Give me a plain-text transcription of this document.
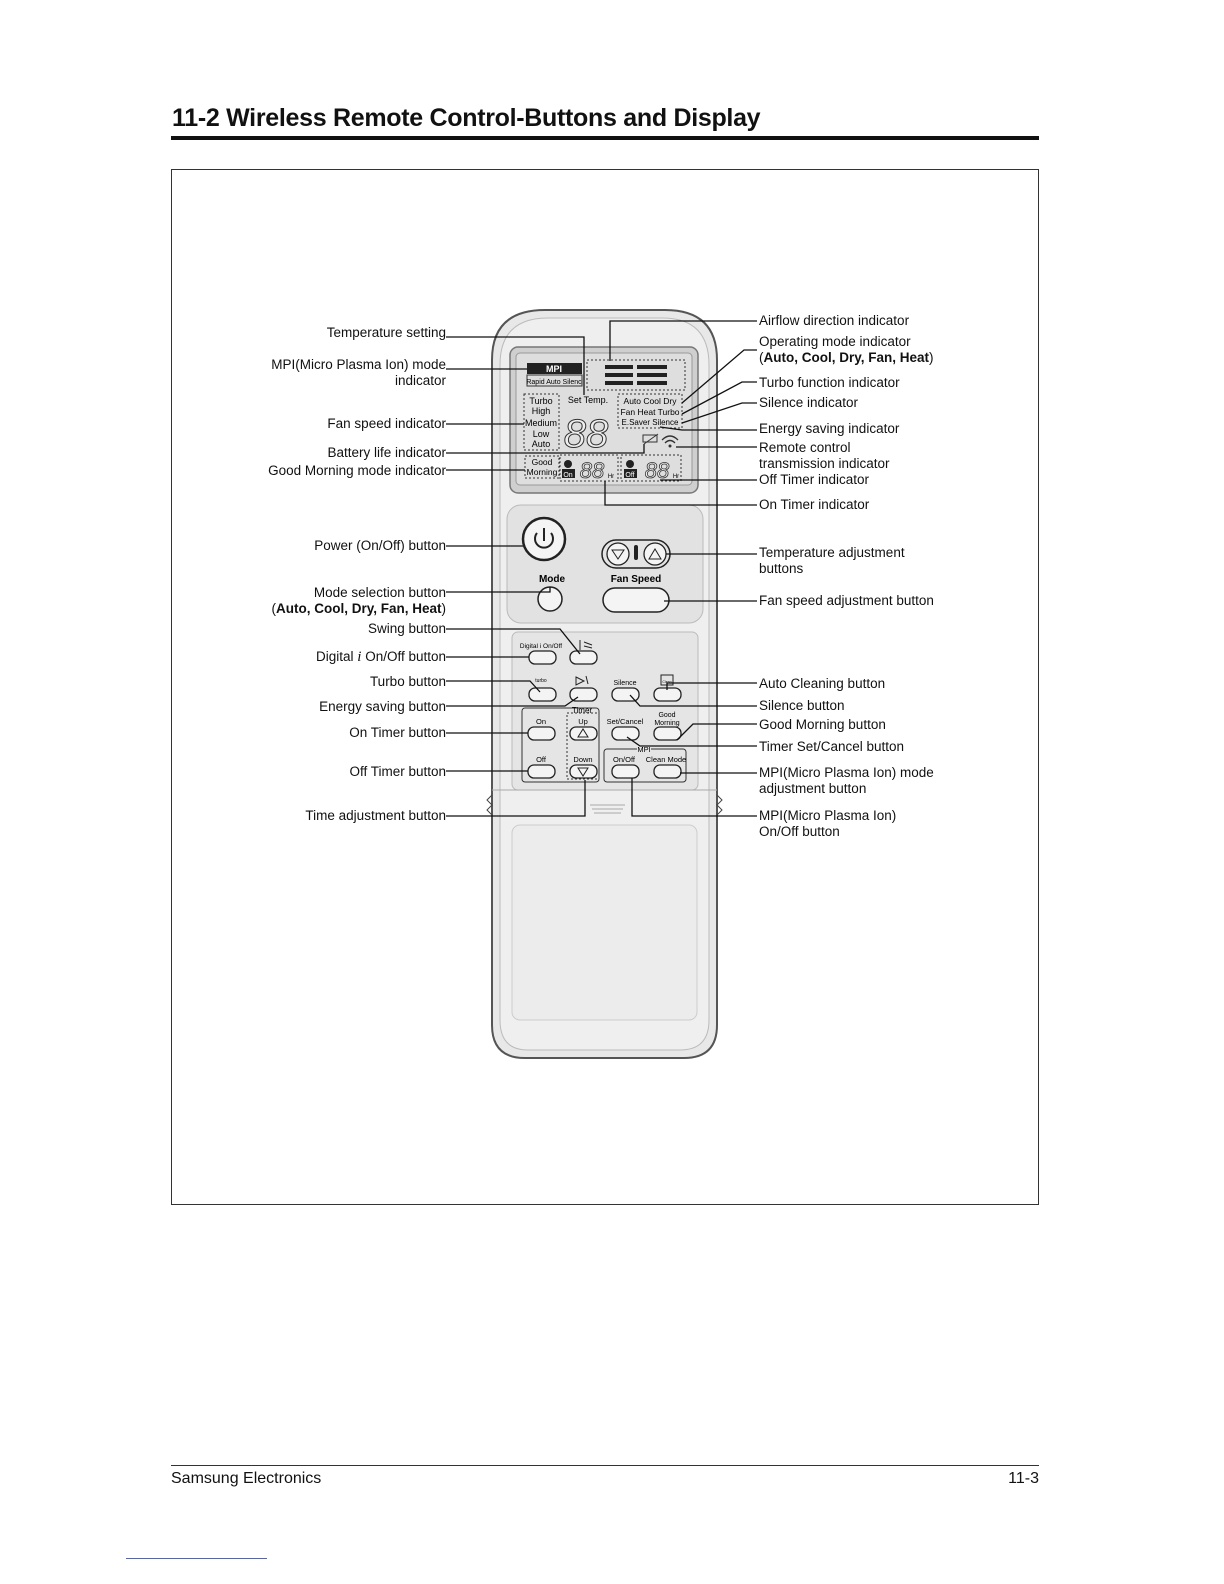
11-2 Wireless Remote Control-Buttons and Display
MPI
Rapid Auto Silenc
Turbo
High
Medium
Low
Auto
Set Temp.
88
Auto Cool Dry
Fan Heat Turbo
E.Saver Silence
Good
Morning On 88 Hr Off 88 Hr
Mode	Fan Speed
Digital i On/Off
turbo	Silence	Clean
Timer
On	Up	Set/Cancel
Good
Morning
Off	Down
MPI
On/Off Clean Mode
Temperature setting
MPI(Micro Plasma Ion) mode
indicator
Fan speed indicator
Battery life indicator
Good Morning mode indicator
Power (On/Off) button
Mode selection button
(Auto, Cool, Dry, Fan, Heat)
Swing button
Digital i On/Off button
Turbo button
Energy saving button
On Timer button
Off Timer button
Time adjustment button
Airflow direction indicator
Operating mode indicator
(Auto, Cool, Dry, Fan, Heat)
Turbo function indicator
Silence indicator
Energy saving indicator
Remote control
transmission indicator
Off Timer indicator
On Timer indicator
Temperature adjustment
buttons
Fan speed adjustment button
Auto Cleaning button
Silence button
Good Morning button
Timer Set/Cancel button
MPI(Micro Plasma Ion) mode
adjustment button
MPI(Micro Plasma Ion)
On/Off button
Samsung Electronics	11-3
